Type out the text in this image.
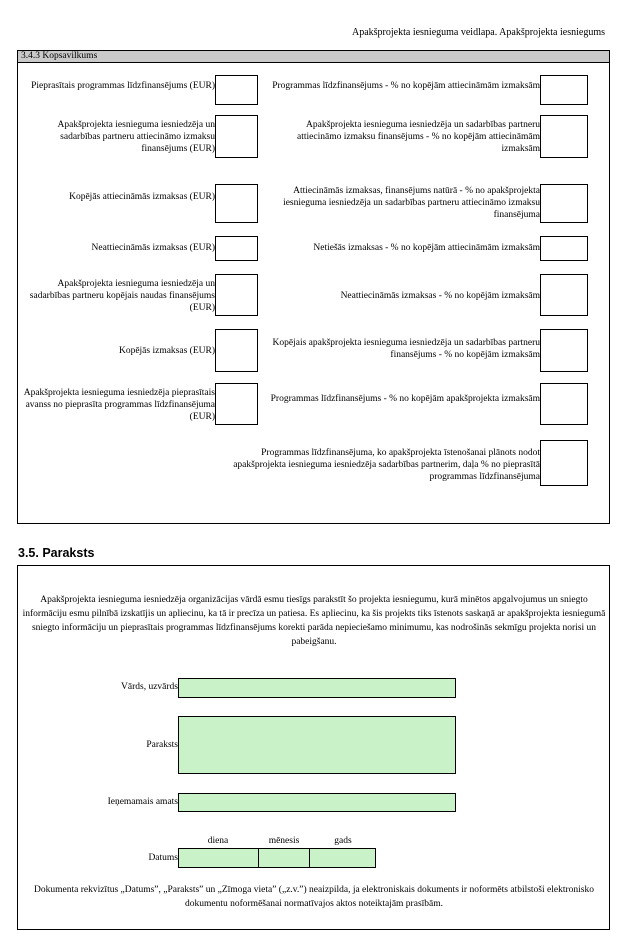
Apakšprojekta iesnieguma veidlapa. Apakšprojekta iesniegums
3.4.3 Kopsavilkums
Pieprasītais programmas līdzfinansējums (EUR)
Apakšprojekta iesnieguma iesniedzēja un sadarbības partneru attiecināmo izmaksu finansējums (EUR)
Kopējās attiecināmās izmaksas (EUR)
Neattiecināmās izmaksas (EUR)
Apakšprojekta iesnieguma iesniedzēja un sadarbības partneru kopējais naudas finansējums (EUR)
Kopējās izmaksas (EUR)
Apakšprojekta iesnieguma iesniedzēja pieprasītais avanss no pieprasīta programmas līdzfinansējuma (EUR)
Programmas līdzfinansējums - % no kopējām attiecināmām izmaksām
Apakšprojekta iesnieguma iesniedzēja un sadarbības partneru attiecināmo izmaksu finansējums - % no kopējām attiecināmām izmaksām
Attiecināmās izmaksas, finansējums natūrā - % no apakšprojekta iesnieguma iesniedzēja un sadarbības partneru attiecināmo izmaksu finansējuma
Netiešās izmaksas - % no kopējām attiecināmām izmaksām
Neattiecināmās izmaksas - % no kopējām izmaksām
Kopējais apakšprojekta iesnieguma iesniedzēja un sadarbības partneru finansējums - % no kopējām izmaksām
Programmas līdzfinansējums - % no kopējām apakšprojekta izmaksām
Programmas līdzfinansējuma, ko apakšprojekta īstenošanai plānots nodot apakšprojekta iesnieguma iesniedzēja sadarbības partnerim, daļa % no pieprasītā programmas līdzfinansējuma
3.5. Paraksts
Apakšprojekta iesnieguma iesniedzēja organizācijas vārdā esmu tiesīgs parakstīt šo projekta iesniegumu, kurā minētos apgalvojumus un sniegto informāciju esmu pilnībā izskatījis un apliecinu, ka tā ir precīza un patiesa. Es apliecinu, ka šis projekts tiks īstenots saskaņā ar apakšprojekta iesniegumā sniegto informāciju un pieprasītais programmas līdzfinansējums korekti parāda nepieciešamo minimumu, kas nodrošinās sekmīgu projekta norisi un pabeigšanu.
Vārds, uzvārds
Paraksts
Ieņemamais amats
diena	mēnesis	gads
Datums
Dokumenta rekvizītus „Datums”, „Paraksts” un „Zīmoga vieta” („z.v.”) neaizpilda, ja elektroniskais dokuments ir noformēts atbilstoši elektronisko dokumentu noformēšanai normatīvajos aktos noteiktajām prasībām.
